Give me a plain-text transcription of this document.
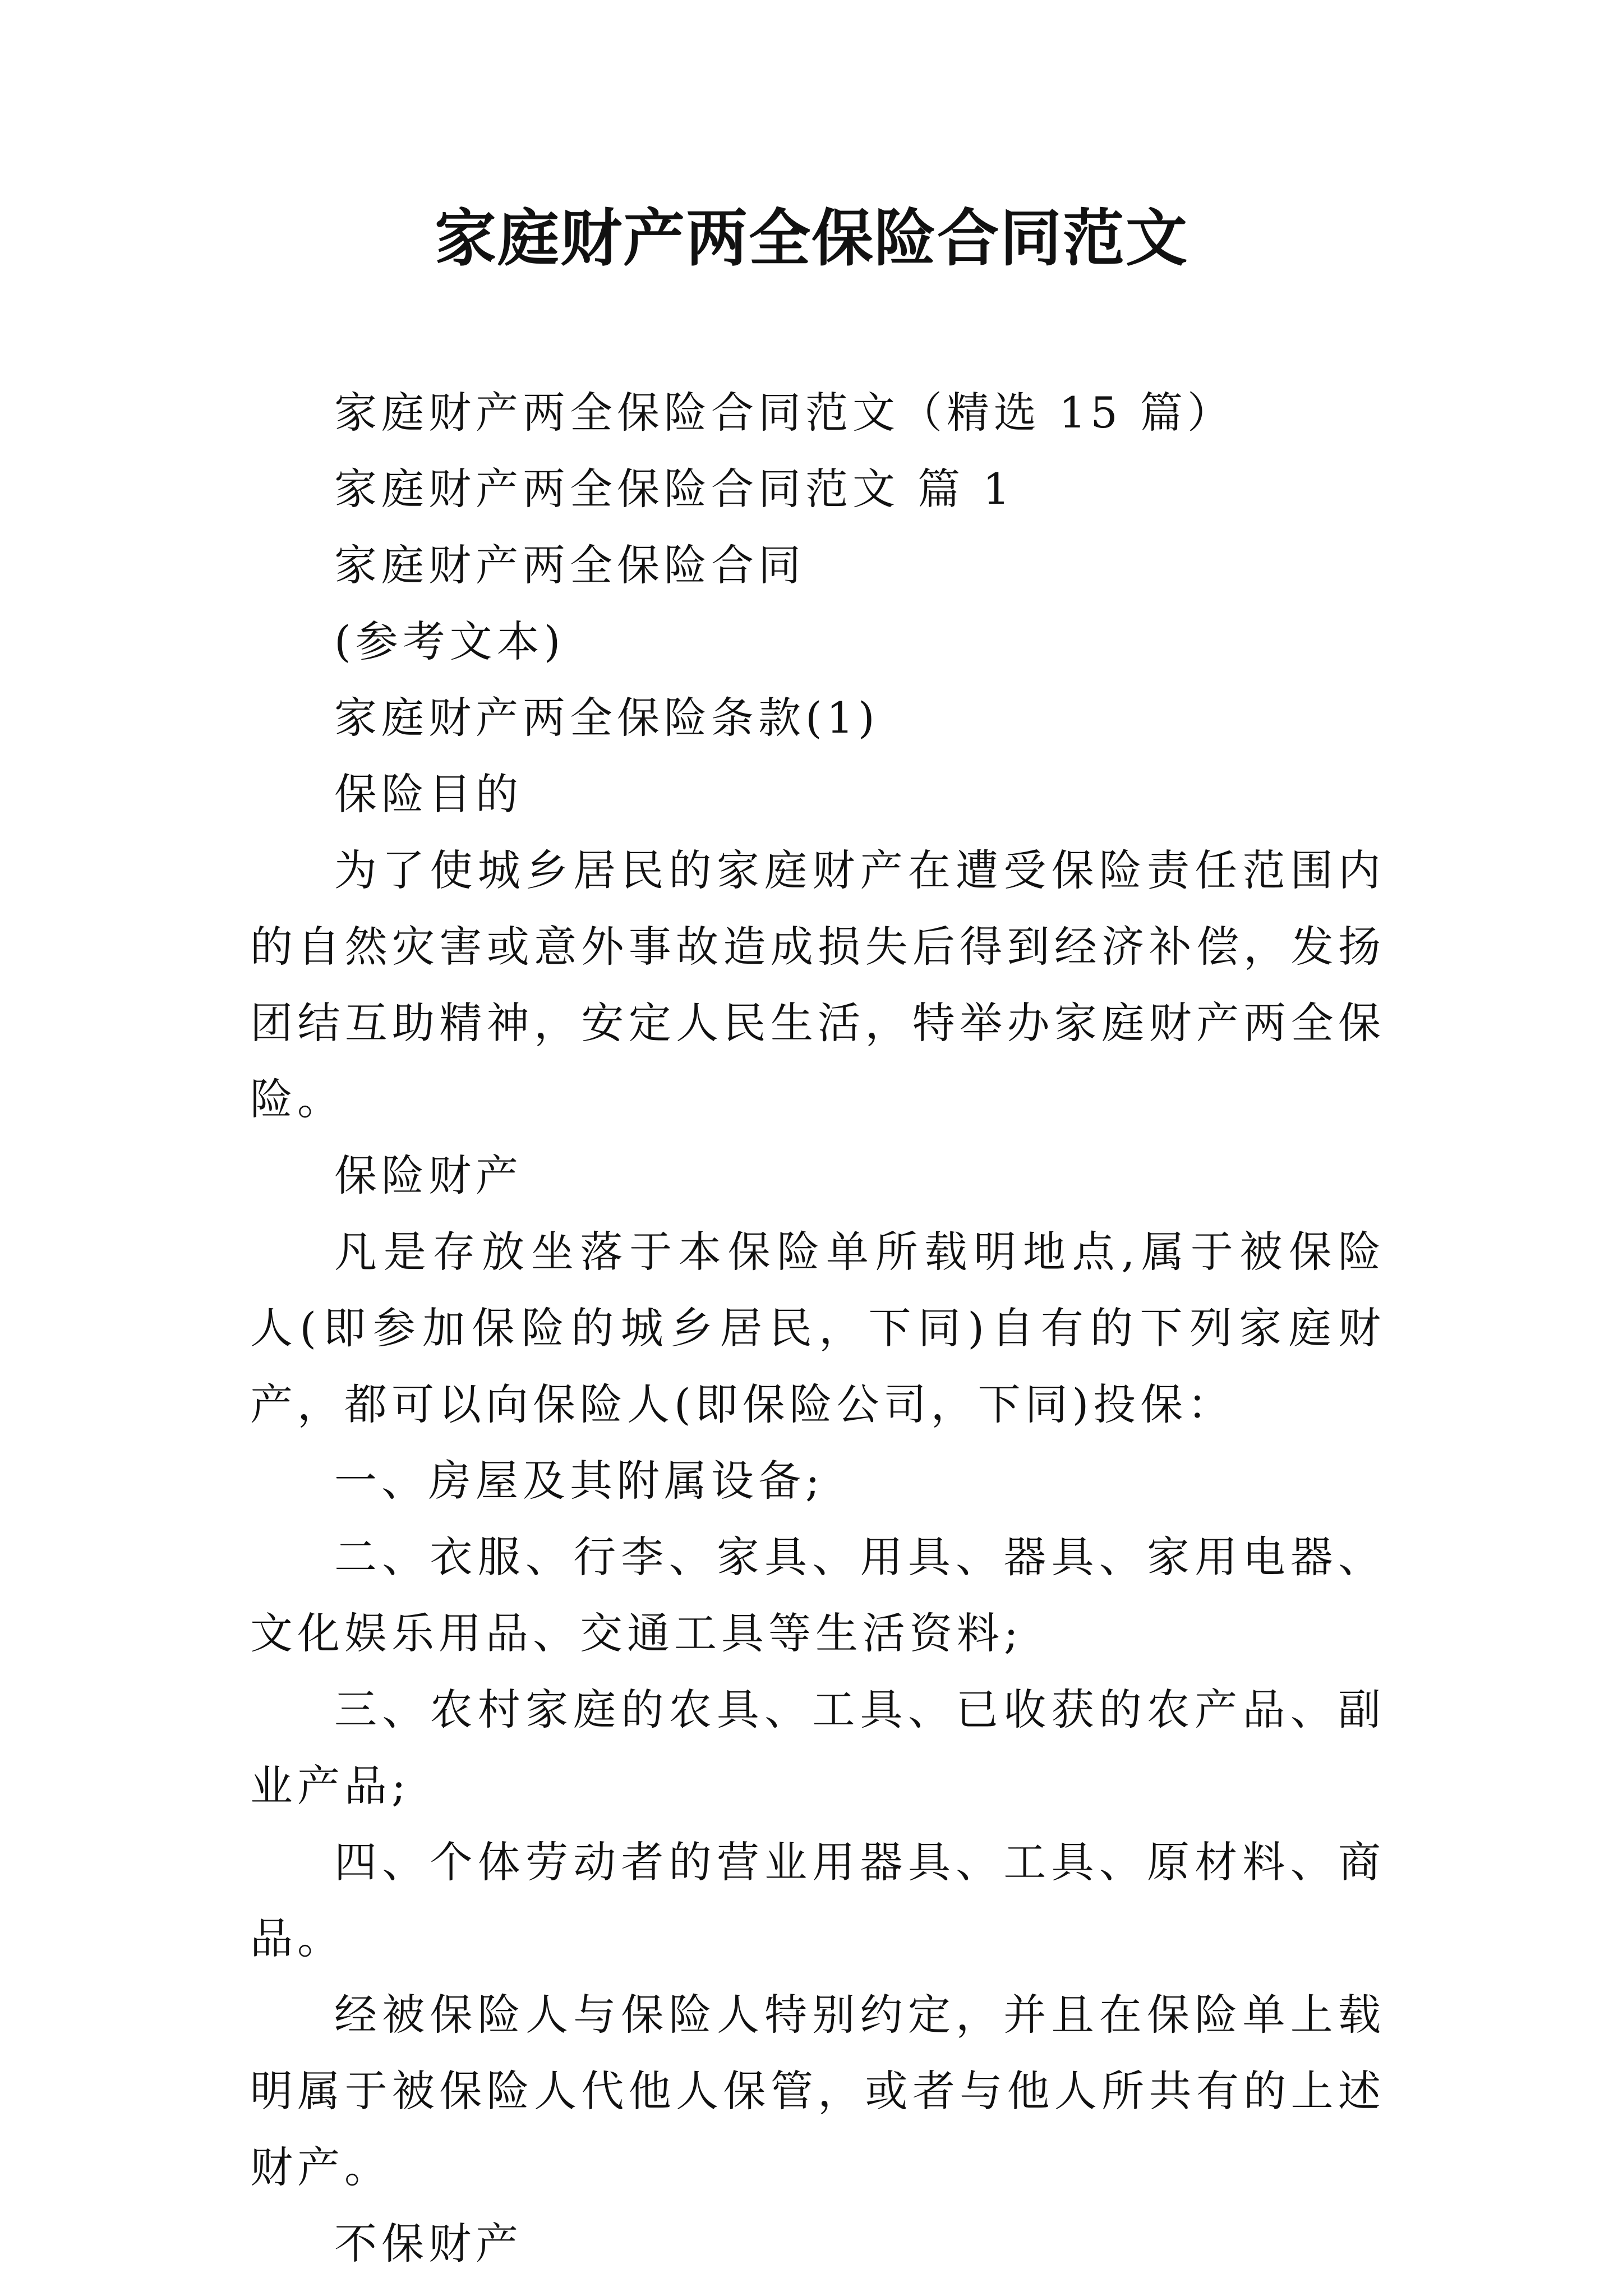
家庭财产两全保险合同范文

家庭财产两全保险合同范文（精选 15 篇）

家庭财产两全保险合同范文 篇 1

家庭财产两全保险合同

(参考文本)

家庭财产两全保险条款(1)

保险目的

为了使城乡居民的家庭财产在遭受保险责任范围内的自然灾害或意外事故造成损失后得到经济补偿，发扬团结互助精神，安定人民生活，特举办家庭财产两全保险。

保险财产

凡是存放坐落于本保险单所载明地点,属于被保险人(即参加保险的城乡居民，下同)自有的下列家庭财产，都可以向保险人(即保险公司，下同)投保：

一、房屋及其附属设备;

二、衣服、行李、家具、用具、器具、家用电器、文化娱乐用品、交通工具等生活资料;

三、农村家庭的农具、工具、已收获的农产品、副业产品;

四、个体劳动者的营业用器具、工具、原材料、商品。

经被保险人与保险人特别约定，并且在保险单上载明属于被保险人代他人保管，或者与他人所共有的上述财产。

不保财产
